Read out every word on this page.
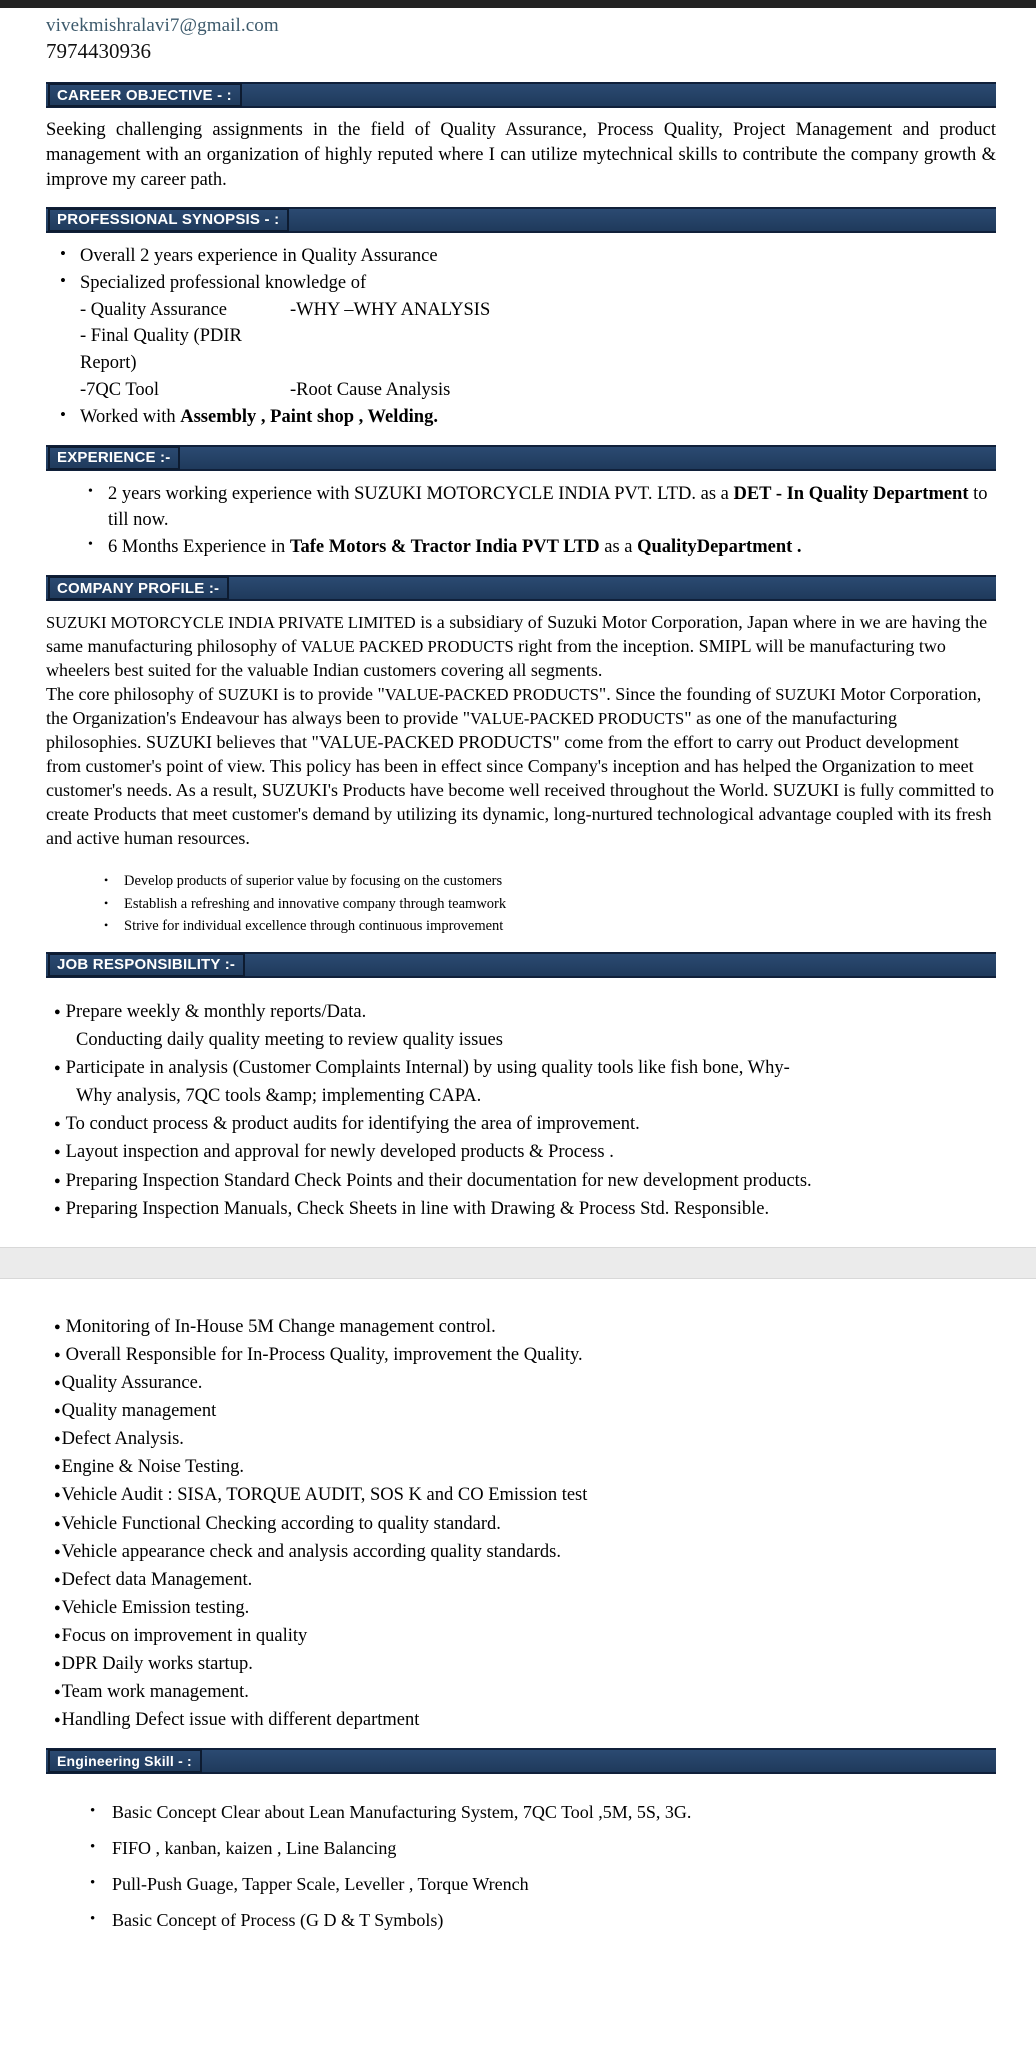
vivekmishralavi7@gmail.com
7974430936
CAREER OBJECTIVE - :
Seeking challenging assignments in the field of Quality Assurance, Process Quality, Project Management and product management with an organization of highly reputed where I can utilize mytechnical skills to contribute the company growth & improve my career path.
PROFESSIONAL SYNOPSIS - :
• Overall 2 years experience in Quality Assurance
• Specialized professional knowledge of
- Quality Assurance	-WHY –WHY ANALYSIS
- Final Quality (PDIR Report)
-7QC Tool	-Root Cause Analysis
• Worked with Assembly , Paint shop , Welding.
EXPERIENCE :-
• 2 years working experience with SUZUKI MOTORCYCLE INDIA PVT. LTD. as a DET - In Quality Department to till now.
• 6 Months Experience in Tafe Motors & Tractor India PVT LTD as a QualityDepartment .
COMPANY PROFILE :-
SUZUKI MOTORCYCLE INDIA PRIVATE LIMITED is a subsidiary of Suzuki Motor Corporation, Japan where in we are having the same manufacturing philosophy of VALUE PACKED PRODUCTS right from the inception. SMIPL will be manufacturing two wheelers best suited for the valuable Indian customers covering all segments.
The core philosophy of SUZUKI is to provide "VALUE-PACKED PRODUCTS". Since the founding of SUZUKI Motor Corporation, the Organization's Endeavour has always been to provide "VALUE-PACKED PRODUCTS" as one of the manufacturing philosophies. SUZUKI believes that "VALUE-PACKED PRODUCTS" come from the effort to carry out Product development from customer's point of view. This policy has been in effect since Company's inception and has helped the Organization to meet customer's needs. As a result, SUZUKI's Products have become well received throughout the World. SUZUKI is fully committed to create Products that meet customer's demand by utilizing its dynamic, long-nurtured technological advantage coupled with its fresh and active human resources.
• Develop products of superior value by focusing on the customers
• Establish a refreshing and innovative company through teamwork
• Strive for individual excellence through continuous improvement
JOB RESPONSIBILITY :-
● Prepare weekly & monthly reports/Data.
Conducting daily quality meeting to review quality issues
● Participate in analysis (Customer Complaints Internal) by using quality tools like fish bone, Why-
Why analysis, 7QC tools &amp; implementing CAPA.
● To conduct process & product audits for identifying the area of improvement.
● Layout inspection and approval for newly developed products & Process .
● Preparing Inspection Standard Check Points and their documentation for new development products.
● Preparing Inspection Manuals, Check Sheets in line with Drawing & Process Std. Responsible.
● Monitoring of In-House 5M Change management control.
● Overall Responsible for In-Process Quality, improvement the Quality.
● Quality Assurance.
● Quality management
● Defect Analysis.
● Engine & Noise Testing.
● Vehicle Audit : SISA, TORQUE AUDIT, SOS K and CO Emission test
● Vehicle Functional Checking according to quality standard.
● Vehicle appearance check and analysis according quality standards.
● Defect data Management.
● Vehicle Emission testing.
● Focus on improvement in quality
● DPR Daily works startup.
● Team work management.
● Handling Defect issue with different department
Engineering Skill - :
• Basic Concept Clear about Lean Manufacturing System, 7QC Tool ,5M, 5S, 3G.
• FIFO , kanban, kaizen , Line Balancing
• Pull-Push Guage, Tapper Scale, Leveller , Torque Wrench
• Basic Concept of Process (G D & T Symbols)
